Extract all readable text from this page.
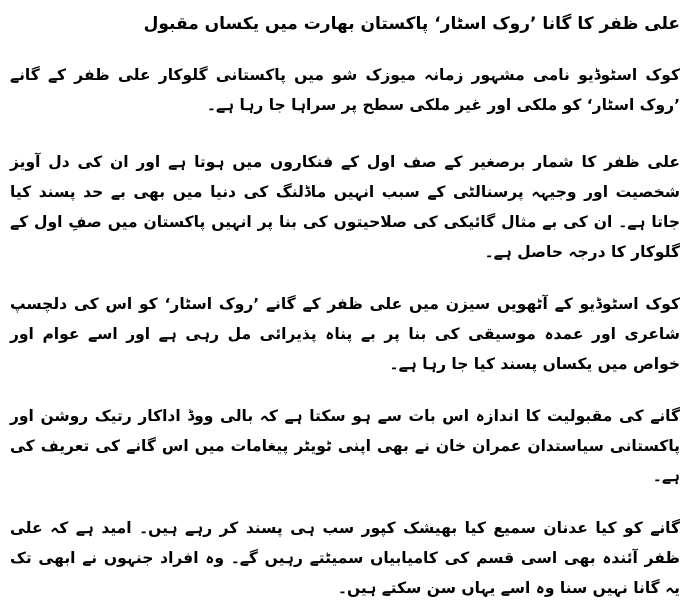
علی ظفر کا گانا ’روک اسٹار‘ پاکستان بھارت میں یکساں مقبول

کوک اسٹوڈیو نامی مشہور زمانہ میوزک شو میں پاکستانی گلوکار علی ظفر کے گانے ’روک اسٹار‘ کو ملکی اور غیر ملکی سطح پر سراہا جا رہا ہے۔

علی ظفر کا شمار برصغیر کے صف اول کے فنکاروں میں ہوتا ہے اور ان کی دل آویز شخصیت اور وجیہہ پرسنالٹی کے سبب انہیں ماڈلنگ کی دنیا میں بھی بے حد پسند کیا جاتا ہے۔ ان کی بے مثال گائیکی کی صلاحیتوں کی بنا پر انہیں پاکستان میں صفِ اول کے گلوکار کا درجہ حاصل ہے۔

کوک اسٹوڈیو کے آٹھویں سیزن میں علی ظفر کے گانے ’روک اسٹار‘ کو اس کی دلچسپ شاعری اور عمدہ موسیقی کی بنا پر بے پناہ پذیرائی مل رہی ہے اور اسے عوام اور خواص میں یکساں پسند کیا جا رہا ہے۔

گانے کی مقبولیت کا اندازہ اس بات سے ہو سکتا ہے کہ بالی ووڈ اداکار رتیک روشن اور پاکستانی سیاستدان عمران خان نے بھی اپنی ٹویٹر پیغامات میں اس گانے کی تعریف کی ہے۔

گانے کو کیا عدنان سمیع کیا بھیشک کپور سب ہی پسند کر رہے ہیں۔ امید ہے کہ علی ظفر آئندہ بھی اسی قسم کی کامیابیاں سمیٹتے رہیں گے۔ وہ افراد جنہوں نے ابھی تک یہ گانا نہیں سنا وہ اسے یہاں سن سکتے ہیں۔
